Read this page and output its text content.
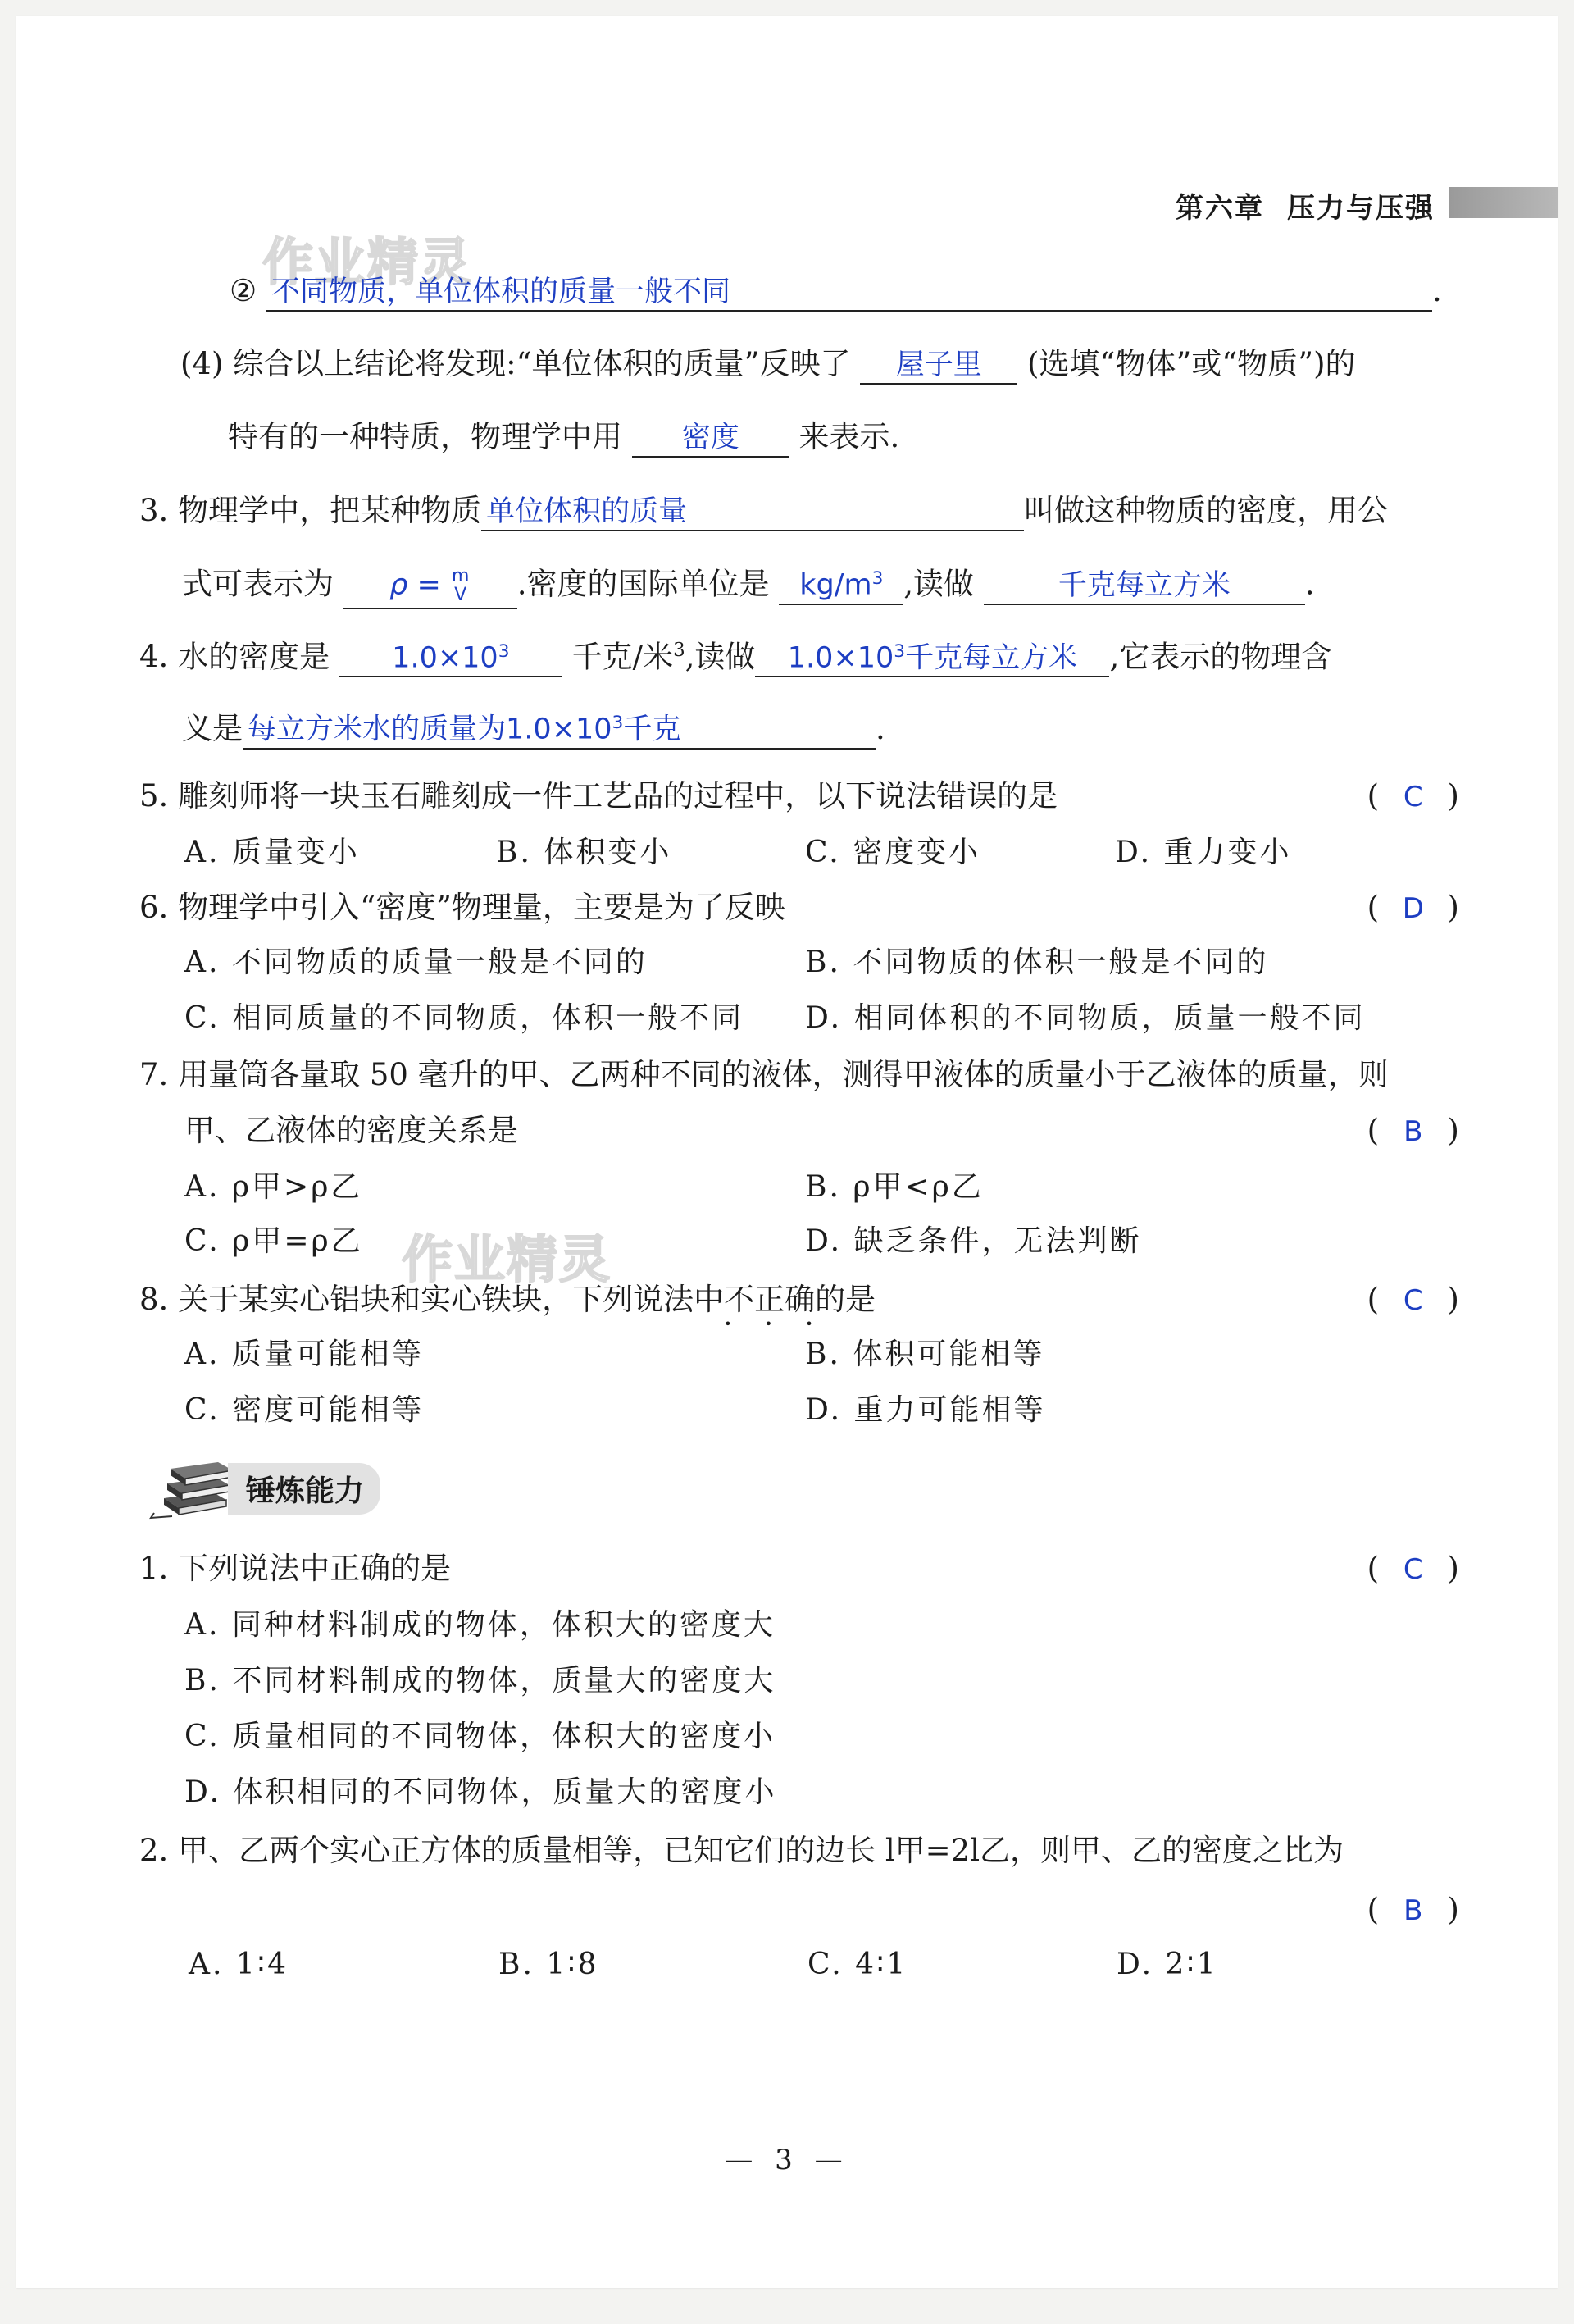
第六章 压力与压强
作业精灵
作业精灵
② 不同物质，单位体积的质量一般不同	.
(4) 综合以上结论将发现:“单位体积的质量”反映了 屋子里 (选填“物体”或“物质”)的
特有的一种特质，物理学中用 密度 来表示.
3. 物理学中，把某种物质 单位体积的质量	叫做这种物质的密度，用公
式可表示为 $\rho = \frac{m}{V}$ .密度的国际单位是 $kg/m^3$ ,读做	千克每立方米 .
4. 水的密度是 $1.0\times 10^3$ 千克/米$^3$,读做 $1.0\times 10^3$千克每立方米 ,它表示的物理含
义是 每立方米水的质量为$1.0\times 10^3$千克	.
5. 雕刻师将一块玉石雕刻成一件工艺品的过程中，以下说法错误的是	( C )
A. 质量变小	B. 体积变小	C. 密度变小	D. 重力变小
6. 物理学中引入“密度”物理量，主要是为了反映	( D )
A. 不同物质的质量一般是不同的	B. 不同物质的体积一般是不同的
C. 相同质量的不同物质，体积一般不同 D. 相同体积的不同物质，质量一般不同
7. 用量筒各量取 50 毫升的甲、乙两种不同的液体，测得甲液体的质量小于乙液体的质量，则
甲、乙液体的密度关系是	( B )
A. ρ甲>ρ乙	B. ρ甲<ρ乙
C. ρ甲=ρ乙	D. 缺乏条件，无法判断
8. 关于某实心铝块和实心铁块，下列说法中不正确 • • •的是	( C )
A. 质量可能相等	B. 体积可能相等
C. 密度可能相等	D. 重力可能相等
锤炼能力
1. 下列说法中正确的是	( C )
A. 同种材料制成的物体，体积大的密度大
B. 不同材料制成的物体，质量大的密度大
C. 质量相同的不同物体，体积大的密度小
D. 体积相同的不同物体，质量大的密度小
2. 甲、乙两个实心正方体的质量相等，已知它们的边长 l甲=2l乙，则甲、乙的密度之比为
( B )
A. 1∶4	B. 1∶8	C. 4∶1	D. 2∶1
— 3 —
